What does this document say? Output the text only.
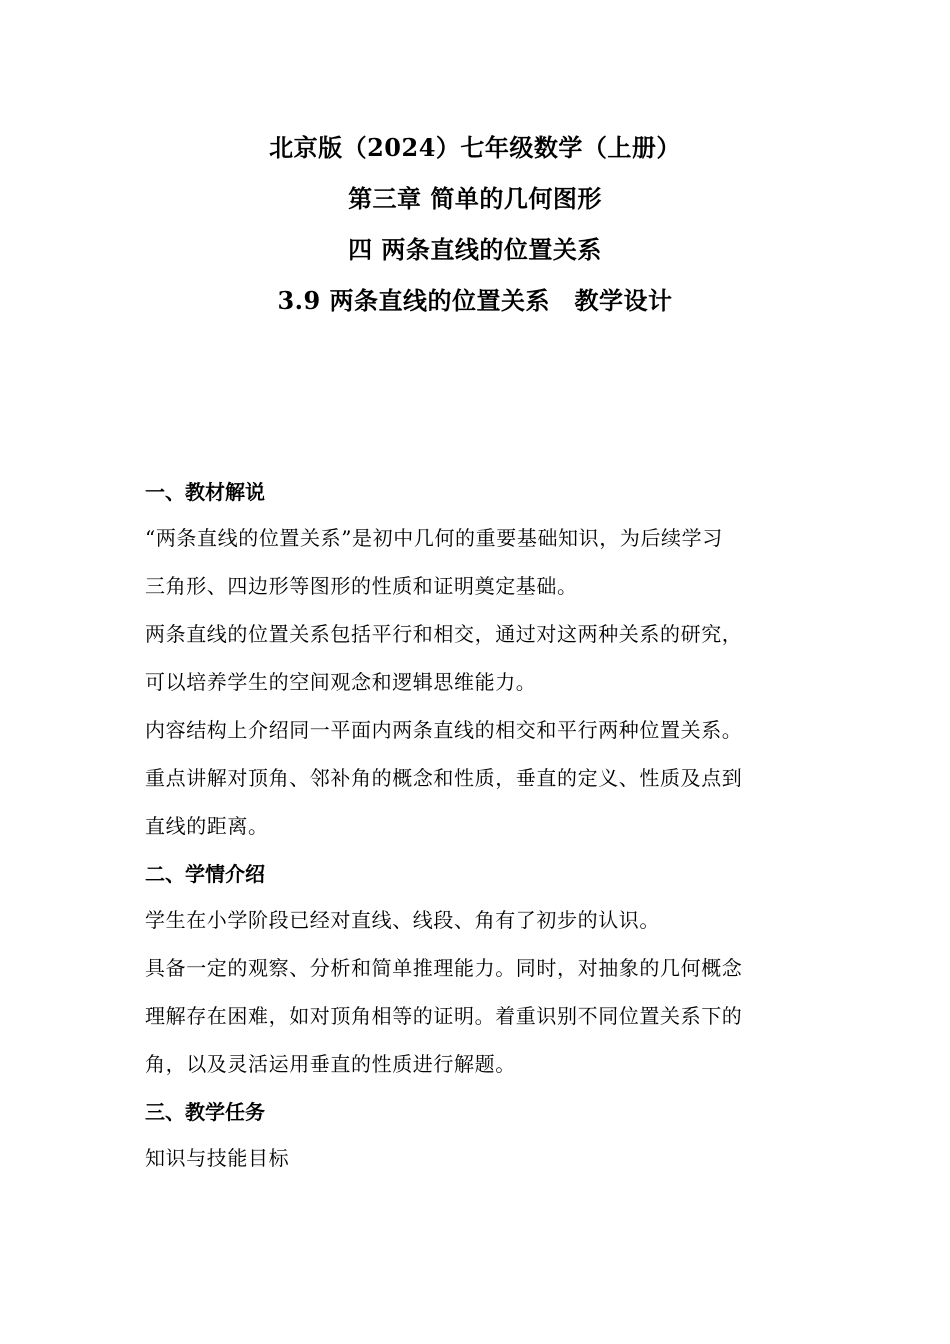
北京版（2024）七年级数学（上册）
第三章 简单的几何图形
四 两条直线的位置关系
3.9 两条直线的位置关系　教学设计
一、教材解说
“两条直线的位置关系”是初中几何的重要基础知识，为后续学习
三角形、四边形等图形的性质和证明奠定基础。
两条直线的位置关系包括平行和相交，通过对这两种关系的研究，
可以培养学生的空间观念和逻辑思维能力。
内容结构上介绍同一平面内两条直线的相交和平行两种位置关系。
重点讲解对顶角、邻补角的概念和性质，垂直的定义、性质及点到
直线的距离。
二、学情介绍
学生在小学阶段已经对直线、线段、角有了初步的认识。
具备一定的观察、分析和简单推理能力。同时，对抽象的几何概念
理解存在困难，如对顶角相等的证明。着重识别不同位置关系下的
角，以及灵活运用垂直的性质进行解题。
三、教学任务
知识与技能目标
